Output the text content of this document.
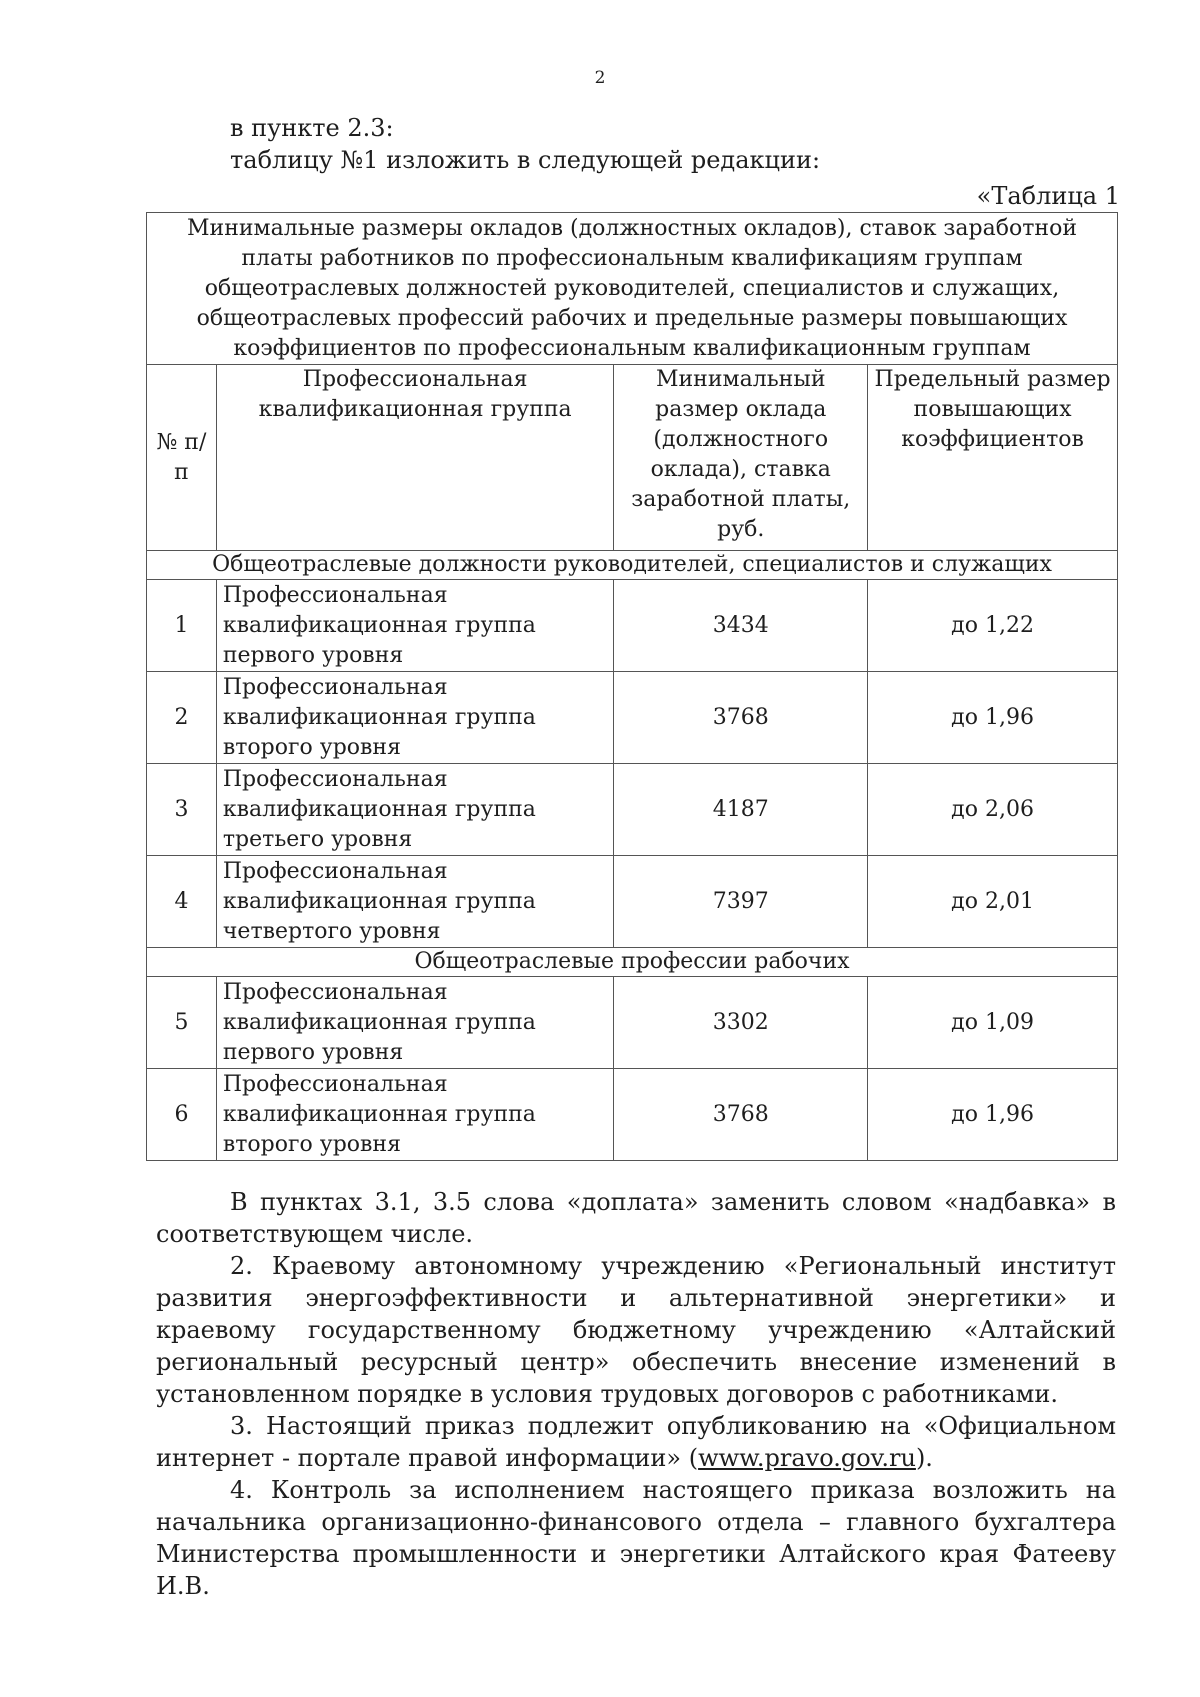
2
в пункте 2.3:
таблицу №1 изложить в следующей редакции:
«Таблица 1
Минимальные размеры окладов (должностных окладов), ставок заработной платы работников по профессиональным квалификациям группам общеотраслевых должностей руководителей, специалистов и служащих, общеотраслевых профессий рабочих и предельные размеры повышающих коэффициентов по профессиональным квалификационным группам			
№ п/п	Профессиональная квалификационная группа	Минимальный размер оклада (должностного оклада), ставка заработной платы, руб.	Предельный размер повышающих коэффициентов
Общеотраслевые должности руководителей, специалистов и служащих			
1	Профессиональная
квалификационная группа
первого уровня	3434	до 1,22
2	Профессиональная
квалификационная группа
второго уровня	3768	до 1,96
3	Профессиональная
квалификационная группа
третьего уровня	4187	до 2,06
4	Профессиональная
квалификационная группа
четвертого уровня	7397	до 2,01
Общеотраслевые профессии рабочих			
5	Профессиональная
квалификационная группа
первого уровня	3302	до 1,09
6	Профессиональная
квалификационная группа
второго уровня	3768	до 1,96

В пунктах 3.1, 3.5 слова «доплата» заменить словом «надбавка» в соответствующем числе.

2. Краевому автономному учреждению «Региональный институт развития энергоэффективности и альтернативной энергетики» и краевому государственному бюджетному учреждению «Алтайский региональный ресурсный центр» обеспечить внесение изменений в установленном порядке в условия трудовых договоров с работниками.

3. Настоящий приказ подлежит опубликованию на «Официальном интернет - портале правой информации» (www.pravo.gov.ru).

4. Контроль за исполнением настоящего приказа возложить на начальника организационно-финансового отдела – главного бухгалтера Министерства промышленности и энергетики Алтайского края Фатееву И.В.
